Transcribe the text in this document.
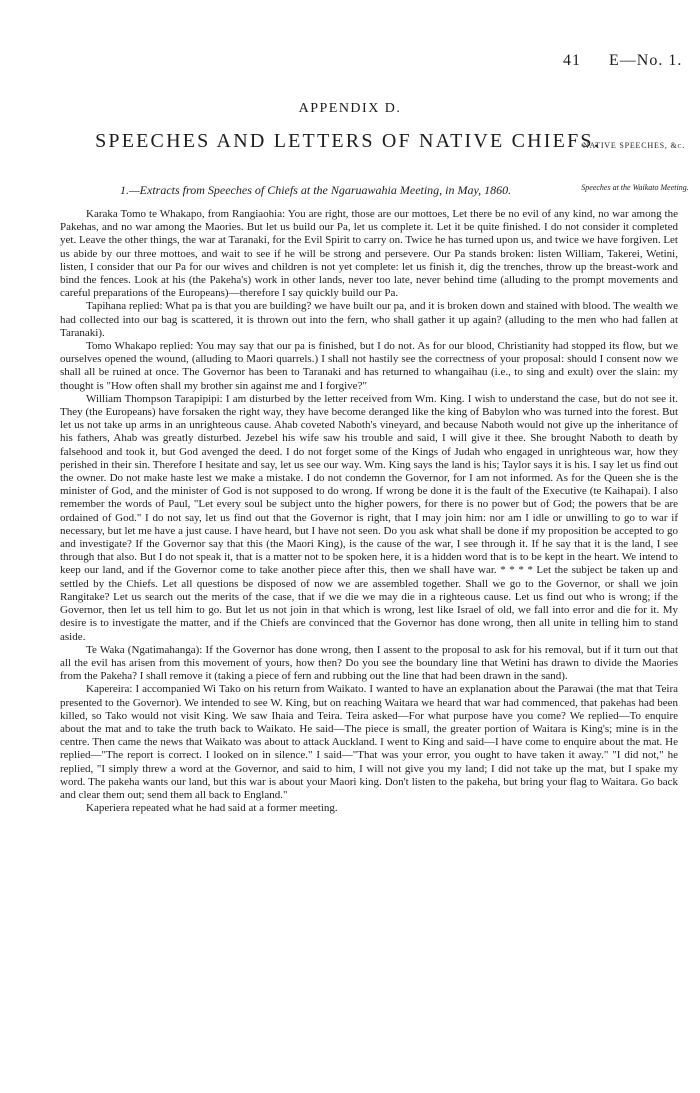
41 E—No. 1.
APPENDIX D.
SPEECHES AND LETTERS OF NATIVE CHIEFS.
NATIVE SPEECHES, &c.
Speeches at the Waikato Meeting.
1.—Extracts from Speeches of Chiefs at the Ngaruawahia Meeting, in May, 1860.

Karaka Tomo te Whakapo, from Rangiaohia: You are right, those are our mottoes, Let there be no evil of any kind, no war among the Pakehas, and no war among the Maories. But let us build our Pa, let us complete it. Let it be quite finished. I do not consider it completed yet. Leave the other things, the war at Taranaki, for the Evil Spirit to carry on. Twice he has turned upon us, and twice we have forgiven. Let us abide by our three mottoes, and wait to see if he will be strong and persevere. Our Pa stands broken: listen William, Takerei, Wetini, listen, I consider that our Pa for our wives and children is not yet complete: let us finish it, dig the trenches, throw up the breast-work and bind the fences. Look at his (the Pakeha's) work in other lands, never too late, never behind time (alluding to the prompt movements and careful preparations of the Europeans)—therefore I say quickly build our Pa.

Tapihana replied: What pa is that you are building? we have built our pa, and it is broken down and stained with blood. The wealth we had collected into our bag is scattered, it is thrown out into the fern, who shall gather it up again? (alluding to the men who had fallen at Taranaki).

Tomo Whakapo replied: You may say that our pa is finished, but I do not. As for our blood, Christianity had stopped its flow, but we ourselves opened the wound, (alluding to Maori quarrels.) I shall not hastily see the correctness of your proposal: should I consent now we shall all be ruined at once. The Governor has been to Taranaki and has returned to whangaihau (i.e., to sing and exult) over the slain: my thought is "How often shall my brother sin against me and I forgive?"

William Thompson Tarapipipi: I am disturbed by the letter received from Wm. King. I wish to understand the case, but do not see it. They (the Europeans) have forsaken the right way, they have become deranged like the king of Babylon who was turned into the forest. But let us not take up arms in an unrighteous cause. Ahab coveted Naboth's vineyard, and because Naboth would not give up the inheritance of his fathers, Ahab was greatly disturbed. Jezebel his wife saw his trouble and said, I will give it thee. She brought Naboth to death by falsehood and took it, but God avenged the deed. I do not forget some of the Kings of Judah who engaged in unrighteous war, how they perished in their sin. Therefore I hesitate and say, let us see our way. Wm. King says the land is his; Taylor says it is his. I say let us find out the owner. Do not make haste lest we make a mistake. I do not condemn the Governor, for I am not informed. As for the Queen she is the minister of God, and the minister of God is not supposed to do wrong. If wrong be done it is the fault of the Executive (te Kaihapai). I also remember the words of Paul, "Let every soul be subject unto the higher powers, for there is no power but of God; the powers that be are ordained of God." I do not say, let us find out that the Governor is right, that I may join him: nor am I idle or unwilling to go to war if necessary, but let me have a just cause. I have heard, but I have not seen. Do you ask what shall be done if my proposition be accepted to go and investigate? If the Governor say that this (the Maori King), is the cause of the war, I see through it. If he say that it is the land, I see through that also. But I do not speak it, that is a matter not to be spoken here, it is a hidden word that is to be kept in the heart. We intend to keep our land, and if the Governor come to take another piece after this, then we shall have war. * * * * Let the subject be taken up and settled by the Chiefs. Let all questions be disposed of now we are assembled together. Shall we go to the Governor, or shall we join Rangitake? Let us search out the merits of the case, that if we die we may die in a righteous cause. Let us find out who is wrong; if the Governor, then let us tell him to go. But let us not join in that which is wrong, lest like Israel of old, we fall into error and die for it. My desire is to investigate the matter, and if the Chiefs are convinced that the Governor has done wrong, then all unite in telling him to stand aside.

Te Waka (Ngatimahanga): If the Governor has done wrong, then I assent to the proposal to ask for his removal, but if it turn out that all the evil has arisen from this movement of yours, how then? Do you see the boundary line that Wetini has drawn to divide the Maories from the Pakeha? I shall remove it (taking a piece of fern and rubbing out the line that had been drawn in the sand).

Kapereira: I accompanied Wi Tako on his return from Waikato. I wanted to have an explanation about the Parawai (the mat that Teira presented to the Governor). We intended to see W. King, but on reaching Waitara we heard that war had commenced, that pakehas had been killed, so Tako would not visit King. We saw Ihaia and Teira. Teira asked—For what purpose have you come? We replied—To enquire about the mat and to take the truth back to Waikato. He said—The piece is small, the greater portion of Waitara is King's; mine is in the centre. Then came the news that Waikato was about to attack Auckland. I went to King and said—I have come to enquire about the mat. He replied—"The report is correct. I looked on in silence." I said—"That was your error, you ought to have taken it away." "I did not," he replied, "I simply threw a word at the Governor, and said to him, I will not give you my land; I did not take up the mat, but I spake my word. The pakeha wants our land, but this war is about your Maori king. Don't listen to the pakeha, but bring your flag to Waitara. Go back and clear them out; send them all back to England."

Kaperiera repeated what he had said at a former meeting.
